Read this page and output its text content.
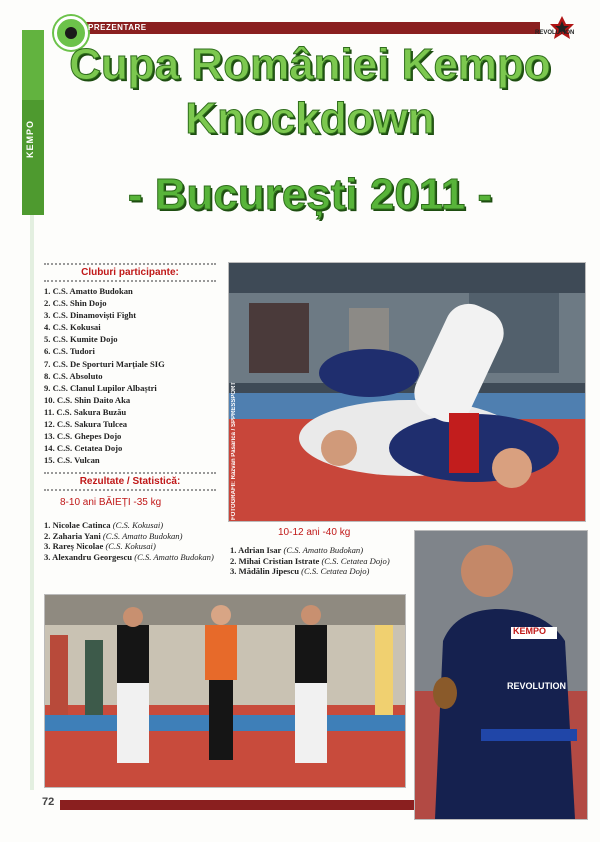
KEMPO
PREZENTARE
REVOLUTION
Cupa României Kempo
Knockdown
- București 2011 -
Cluburi participante:
1. C.S. Amatto Budokan
2. C.S. Shin Dojo
3. C.S. Dinamoviști Fight
4. C.S. Kokusai
5. C.S. Kumite Dojo
6. C.S. Tudori
7. C.S. De Sporturi Marțiale SIG
8. C.S. Absoluto
9. C.S. Clanul Lupilor Albaștri
10. C.S. Shin Daito Aka
11. C.S. Sakura Buzău
12. C.S. Sakura Tulcea
13. C.S. Ghepes Dojo
14. C.S. Cetatea Dojo
15. C.S. Vulcan
Rezultate / Statistică:
8-10 ani BĂIEȚI -35 kg
1. Nicolae Catinca (C.S. Kokusai)
2. Zaharia Yani (C.S. Amatto Budokan)
3. Rareș Nicolae (C.S. Kokusai)
3. Alexandru Georgescu (C.S. Amatto Budokan)
10-12 ani -40 kg
1. Adrian Isar (C.S. Amatto Budokan)
2. Mihai Cristian Istrate (C.S. Cetatea Dojo)
3. Mădălin Jipescu (C.S. Cetatea Dojo)
FOTOGRAFII: Răzvan Păsărică / SPPRESSPORT
KEMPO
REVOLUTION
72
